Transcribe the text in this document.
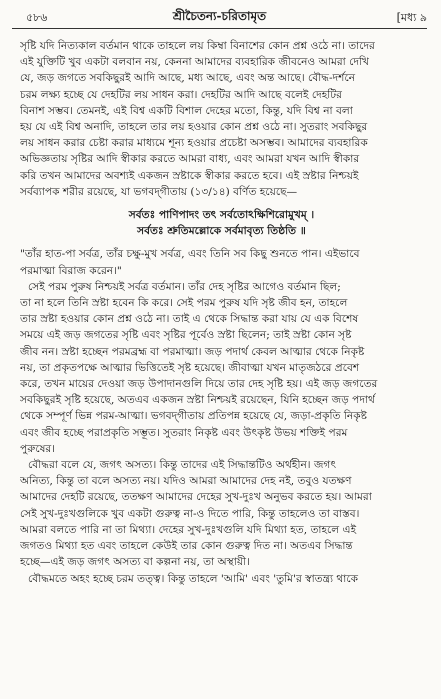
৫৮৬	শ্রীচৈতন্য-চরিতামৃত	[মধ্য ৯
সৃষ্টি যদি নিত্যকাল বর্তমান থাকে তাহলে লয় কিম্বা বিনাশের কোন প্রশ্ন ওঠে না। তাদের
এই যুক্তিটি খুব একটা বলবান নয়, কেননা আমাদের ব্যবহারিক জীবনেও আমরা দেখি
যে, জড় জগতে সবকিছুরই আদি আছে, মধ্য আছে, এবং অন্ত আছে। বৌদ্ধ-দর্শনে
চরম লক্ষ্য হচ্ছে যে দেহটির লয় সাধন করা। দেহটির আদি আছে বলেই দেহটির
বিনাশ সম্ভব। তেমনই, এই বিশ্ব একটি বিশাল দেহের মতো, কিন্তু, যদি বিশ্ব না বলা
হয় যে এই বিশ্ব অনাদি, তাহলে তার লয় হওয়ার কোন প্রশ্ন ওঠে না। সুতরাং সবকিছুর
লয় সাধন করার চেষ্টা করার মাধ্যমে শূন্য হওয়ার প্রচেষ্টা অসম্ভব। আমাদের ব্যবহারিক
অভিজ্ঞতায় সৃষ্টির আদি স্বীকার করতে আমরা বাধ্য, এবং আমরা যখন আদি স্বীকার
করি তখন আমাদের অবশ্যই একজন স্রষ্টাকে স্বীকার করতে হবে। এই স্রষ্টার নিশ্চয়ই
সর্বব্যাপক শরীর রয়েছে, যা ভগবদ্‌গীতায় (১৩/১৪) বর্ণিত হয়েছে—
সর্বতঃ পাণিপাদং তৎ সর্বতোঽক্ষিশিরোমুখম্‌ ।
সর্বতঃ শ্রুতিমল্লোকে সর্বমাবৃত্য তিষ্ঠতি ॥
"তাঁর হাত-পা সর্বত্র, তাঁর চক্ষু-মুখ সর্বত্র, এবং তিনি সব কিছু শুনতে পান। এইভাবে
পরমাত্মা বিরাজ করেন।"
সেই পরম পুরুষ নিশ্চয়ই সর্বত্র বর্তমান। তাঁর দেহ সৃষ্টির আগেও বর্তমান ছিল;
তা না হলে তিনি স্রষ্টা হবেন কি করে। সেই পরম পুরুষ যদি সৃষ্ট জীব হন, তাহলে
তার স্রষ্টা হওয়ার কোন প্রশ্ন ওঠে না। তাই এ থেকে সিদ্ধান্ত করা যায় যে এক বিশেষ
সময়ে এই জড় জগতের সৃষ্টি এবং সৃষ্টির পূর্বেও স্রষ্টা ছিলেন; তাই স্রষ্টা কোন সৃষ্ট
জীব নন। স্রষ্টা হচ্ছেন পরমব্রহ্ম বা পরমাত্মা। জড় পদার্থ কেবল আত্মার থেকে নিকৃষ্ট
নয়, তা প্রকৃতপক্ষে আত্মার ভিত্তিতেই সৃষ্ট হয়েছে। জীবাত্মা যখন মাতৃজঠরে প্রবেশ
করে, তখন মায়ের দেওয়া জড় উপাদানগুলি দিয়ে তার দেহ সৃষ্টি হয়। এই জড় জগতের
সবকিছুরই সৃষ্টি হয়েছে, অতএব একজন স্রষ্টা নিশ্চয়ই রয়েছেন, যিনি হচ্ছেন জড় পদার্থ
থেকে সম্পূর্ণ ভিন্ন পরম-আত্মা। ভগবদ্‌গীতায় প্রতিপন্ন হয়েছে যে, জড়া-প্রকৃতি নিকৃষ্ট
এবং জীব হচ্ছে পরাপ্রকৃতি সম্ভূত। সুতরাং নিকৃষ্ট এবং উৎকৃষ্ট উভয় শক্তিই পরম
পুরুষের।
বৌদ্ধরা বলে যে, জগৎ অসত্য। কিন্তু তাদের এই সিদ্ধান্তটিও অর্থহীন। জগৎ
অনিত্য, কিন্তু তা বলে অসত্য নয়। যদিও আমরা আমাদের দেহ নই, তবুও যতক্ষণ
আমাদের দেহটি রয়েছে, ততক্ষণ আমাদের দেহের সুখ-দুঃখ অনুভব করতে হয়। আমরা
সেই সুখ-দুঃখগুলিকে খুব একটা গুরুত্ব না-ও দিতে পারি, কিন্তু তাহলেও তা বাস্তব।
আমরা বলতে পারি না তা মিথ্যা। দেহের সুখ-দুঃখগুলি যদি মিথ্যা হত, তাহলে এই
জগতও মিথ্যা হত এবং তাহলে কেউই তার কোন গুরুত্ব দিত না। অতএব সিদ্ধান্ত
হচ্ছে—এই জড় জগৎ অসত্য বা কল্পনা নয়, তা অস্থায়ী।
বৌদ্ধমতে অহং হচ্ছে চরম তত্ত্ব। কিন্তু তাহলে 'আমি' এবং 'তুমি'র স্বাতন্ত্র্য থাকে
